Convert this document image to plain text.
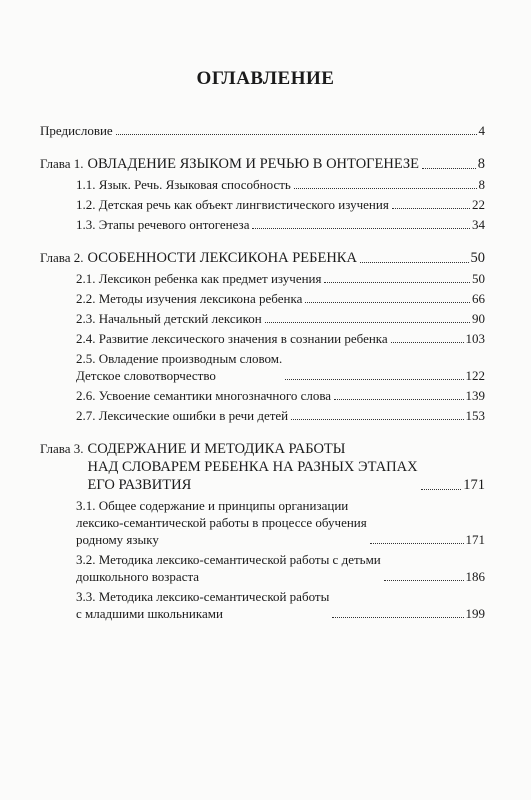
ОГЛАВЛЕНИЕ
Предисловие	4
Глава 1. ОВЛАДЕНИЕ ЯЗЫКОМ И РЕЧЬЮ В ОНТОГЕНЕЗЕ	8
1.1. Язык. Речь. Языковая способность	8
1.2. Детская речь как объект лингвистического изучения	22
1.3. Этапы речевого онтогенеза	34
Глава 2. ОСОБЕННОСТИ ЛЕКСИКОНА РЕБЕНКА	50
2.1. Лексикон ребенка как предмет изучения	50
2.2. Методы изучения лексикона ребенка	66
2.3. Начальный детский лексикон	90
2.4. Развитие лексического значения в сознании ребенка	103
2.5. Овладение производным словом.
Детское словотворчество	122
2.6. Усвоение семантики многозначного слова	139
2.7. Лексические ошибки в речи детей	153
Глава 3. СОДЕРЖАНИЕ И МЕТОДИКА РАБОТЫ
НАД СЛОВАРЕМ РЕБЕНКА НА РАЗНЫХ ЭТАПАХ
ЕГО РАЗВИТИЯ	171
3.1. Общее содержание и принципы организации
лексико-семантической работы в процессе обучения
родному языку	171
3.2. Методика лексико-семантической работы с детьми
дошкольного возраста	186
3.3. Методика лексико-семантической работы
с младшими школьниками	199
